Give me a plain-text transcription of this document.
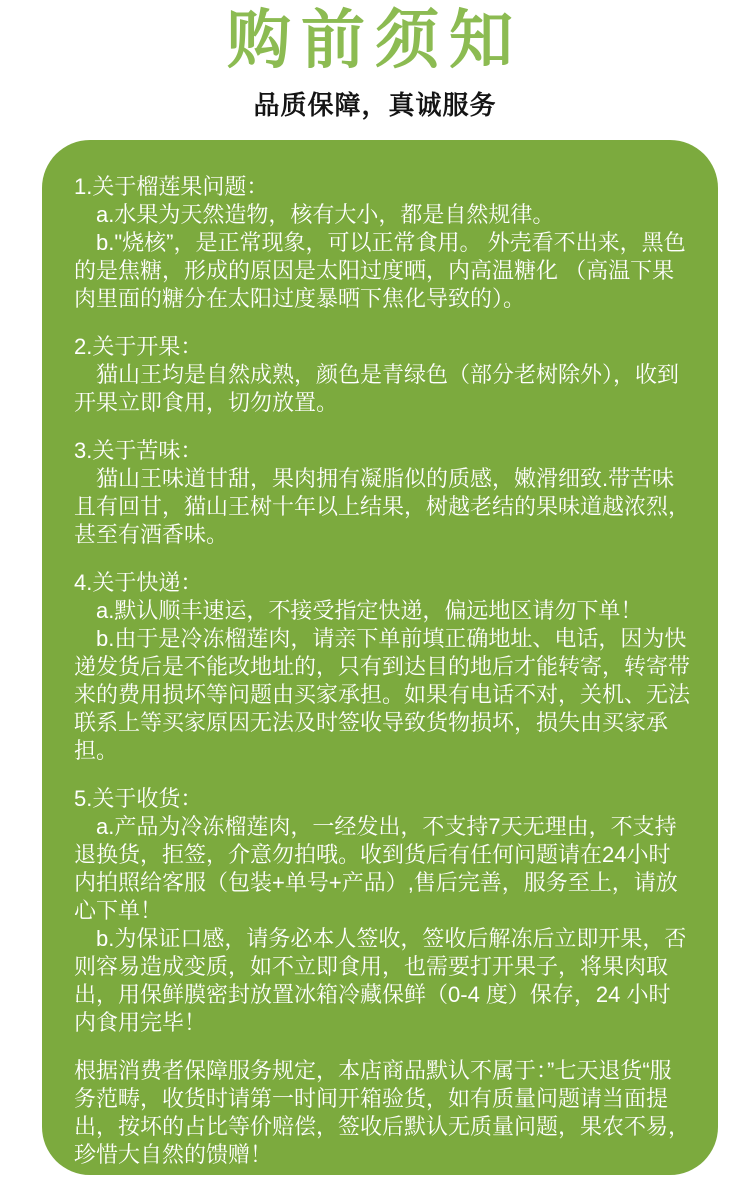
购前须知

品质保障，真诚服务

1.关于榴莲果问题：

a.水果为天然造物，核有大小，都是自然规律。

b."烧核”，是正常现象，可以正常食用。 外壳看不出来，黑色的是焦糖，形成的原因是太阳过度晒，内高温糖化 （高温下果肉里面的糖分在太阳过度暴晒下焦化导致的）。

2.关于开果：

猫山王均是自然成熟，颜色是青绿色（部分老树除外），收到开果立即食用，切勿放置。

3.关于苦味：

猫山王味道甘甜，果肉拥有凝脂似的质感，嫩滑细致.带苦味且有回甘，猫山王树十年以上结果，树越老结的果味道越浓烈，甚至有酒香味。

4.关于快递：

a.默认顺丰速运，不接受指定快递，偏远地区请勿下单！

b.由于是冷冻榴莲肉，请亲下单前填正确地址、电话，因为快递发货后是不能改地址的，只有到达目的地后才能转寄，转寄带来的费用损坏等问题由买家承担。如果有电话不对，关机、无法联系上等买家原因无法及时签收导致货物损坏，损失由买家承担。

5.关于收货：

a.产品为冷冻榴莲肉，一经发出，不支持7天无理由，不支持退换货，拒签，介意勿拍哦。收到货后有任何问题请在24小时内拍照给客服（包装+单号+产品）,售后完善，服务至上，请放心下单！

b.为保证口感，请务必本人签收，签收后解冻后立即开果，否则容易造成变质，如不立即食用，也需要打开果子，将果肉取出，用保鲜膜密封放置冰箱冷藏保鲜（0-4 度）保存，24 小时内食用完毕！

根据消费者保障服务规定，本店商品默认不属于：”七天退货“服务范畴，收货时请第一时间开箱验货，如有质量问题请当面提出，按坏的占比等价赔偿，签收后默认无质量问题，果农不易，珍惜大自然的馈赠！
